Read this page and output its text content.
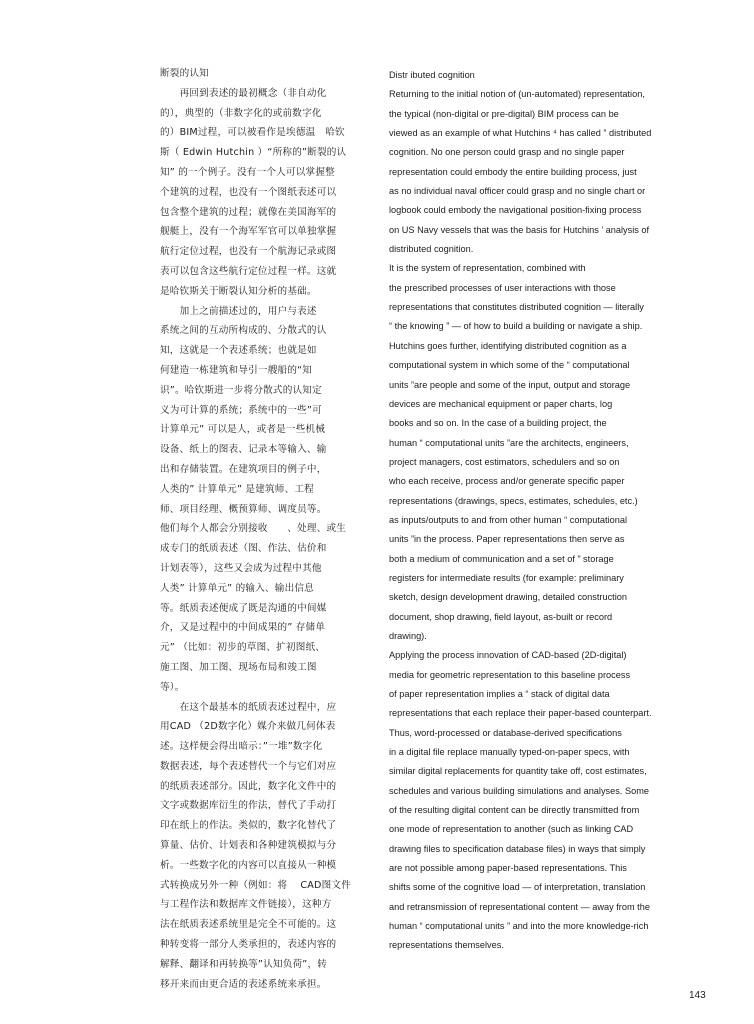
断裂的认知
　　再回到表述的最初概念（非自动化
的），典型的（非数字化的或前数字化
的）BIM过程，可以被看作是埃德温　哈钦
斯（ Edwin Hutchin ）“所称的”断裂的认
知” 的一个例子。没有一个人可以掌握整
个建筑的过程，也没有一个图纸表述可以
包含整个建筑的过程；就像在美国海军的
舰艇上，没有一个海军军官可以单独掌握
航行定位过程，也没有一个航海记录或图
表可以包含这些航行定位过程一样。这就
是哈钦斯关于断裂认知分析的基础。
　　加上之前描述过的，用户与表述
系统之间的互动所构成的、分散式的认
知，这就是一个表述系统；也就是如
何建造一栋建筑和导引一艘船的“知
识”。哈钦斯进一步将分散式的认知定
义为可计算的系统；系统中的一些”可
计算单元” 可以是人，或者是一些机械
设备、纸上的图表、记录本等输入、输
出和存储装置。在建筑项目的例子中，
人类的” 计算单元” 是建筑师、工程
师、项目经理、概预算师、调度员等。
他们每个人都会分别接收　　、处理、或生
成专门的纸质表述（图、作法、估价和
计划表等），这些又会成为过程中其他
人类” 计算单元” 的输入、输出信息
等。纸质表述便成了既是沟通的中间媒
介，又是过程中的中间成果的” 存储单
元” （比如：初步的草图、扩初图纸、
施工图、加工图、现场布局和竣工图
等）。
　　在这个最基本的纸质表述过程中，应
用CAD （2D数字化）媒介来做几何体表
述。这样便会得出暗示：”一堆”数字化
数据表述，每个表述替代一个与它们对应
的纸质表述部分。因此，数字化文件中的
文字或数据库衍生的作法，替代了手动打
印在纸上的作法。类似的，数字化替代了
算量、估价、计划表和各种建筑模拟与分
析。一些数字化的内容可以直接从一种模
式转换成另外一种（例如：将　 CAD图文件
与工程作法和数据库文件链接），这种方
法在纸质表述系统里是完全不可能的。这
种转变将一部分人类承担的，表述内容的
解释、翻译和再转换等”认知负荷”，转
移开来而由更合适的表述系统来承担。
Distr ibuted cognition
Returning to the initial notion of (un-automated) representation,
the typical (non-digital or pre-digital) BIM process can be
viewed as an example of what Hutchins ⁴ has called ” distributed
cognition. No one person could grasp and no single paper
representation could embody the entire building process, just
as no individual naval officer could grasp and no single chart or
logbook could embody the navigational position-fixing process
on US Navy vessels that was the basis for Hutchins ’ analysis of
distributed cognition.
It is the system of representation, combined with
the prescribed processes of user interactions with those
representations that constitutes distributed cognition — literally
“ the knowing ” — of how to build a building or navigate a ship.
Hutchins goes further, identifying distributed cognition as a
computational system in which some of the “ computational
units ”are people and some of the input, output and storage
devices are mechanical equipment or paper charts, log
books and so on. In the case of a building project, the
human “ computational units ”are the architects, engineers,
project managers, cost estimators, schedulers and so on
who each receive, process and/or generate specific paper
representations (drawings, specs, estimates, schedules, etc.)
as inputs/outputs to and from other human “ computational
units ”in the process. Paper representations then serve as
both a medium of communication and a set of ” storage
registers for intermediate results (for example: preliminary
sketch, design development drawing, detailed construction
document, shop drawing, field layout, as-built or record
drawing).
Applying the process innovation of CAD-based (2D-digital)
media for geometric representation to this baseline process
of paper representation implies a “ stack of digital data
representations that each replace their paper-based counterpart.
Thus, word-processed or database-derived specifications
in a digital file replace manually typed-on-paper specs, with
similar digital replacements for quantity take off, cost estimates,
schedules and various building simulations and analyses. Some
of the resulting digital content can be directly transmitted from
one mode of representation to another (such as linking CAD
drawing files to specification database files) in ways that simply
are not possible among paper-based representations. This
shifts some of the cognitive load — of interpretation, translation
and retransmission of representational content — away from the
human “ computational units ” and into the more knowledge-rich
representations themselves.
143
